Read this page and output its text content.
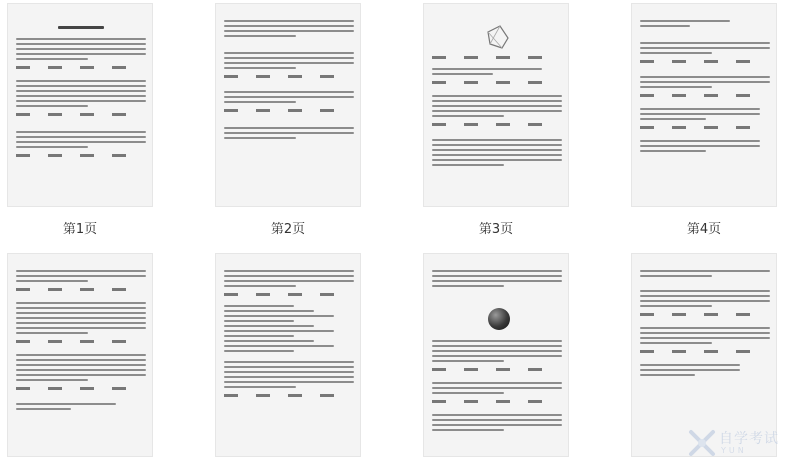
第1页	第2页	第3页	第4页
自学考试
YUN
